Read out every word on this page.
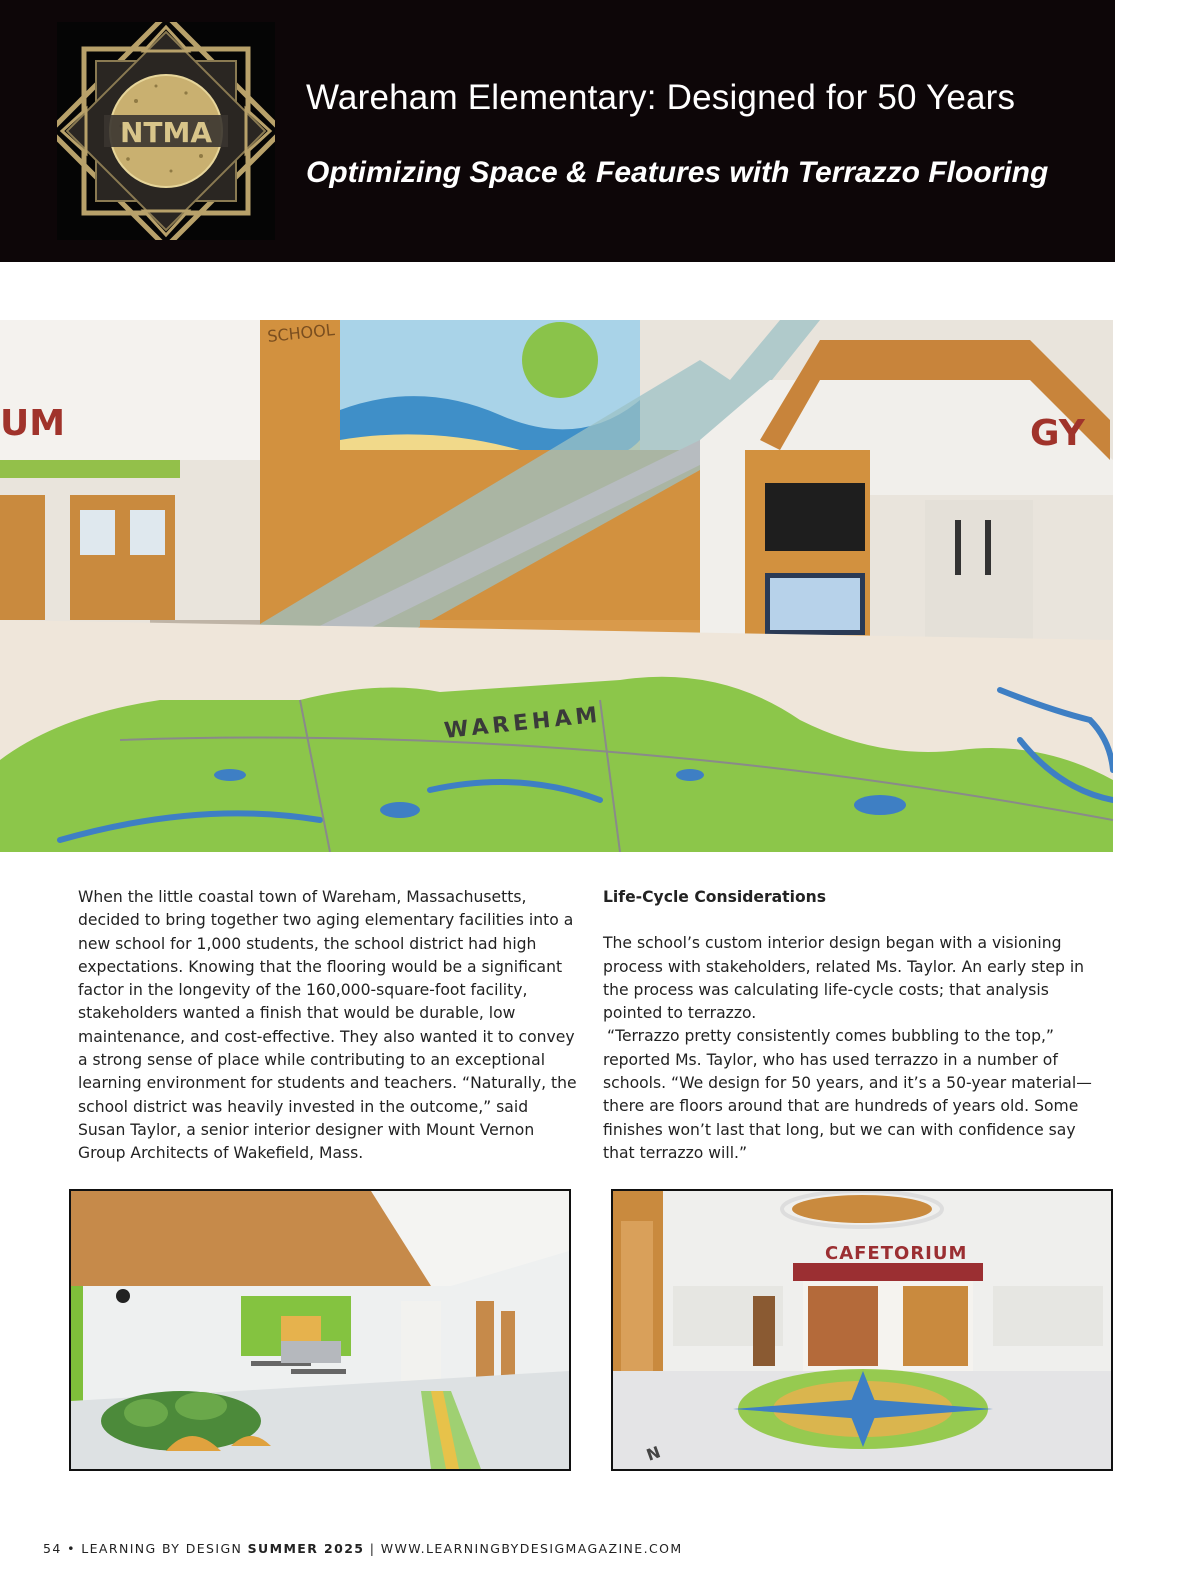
NTMA
Wareham Elementary: Designed for 50 Years
Optimizing Space & Features with Terrazzo Flooring
UM
SCHOOL
GY
WAREHAM

When the little coastal town of Wareham, Massachusetts, decided to bring together two aging elementary facilities into a new school for 1,000 students, the school district had high expectations. Knowing that the flooring would be a significant factor in the longevity of the 160,000-square-foot facility, stakeholders wanted a finish that would be durable, low maintenance, and cost-effective. They also wanted it to convey a strong sense of place while contributing to an exceptional learning environment for students and teachers. “Naturally, the school district was heavily invested in the outcome,” said Susan Taylor, a senior interior designer with Mount Vernon Group Architects of Wakefield, Mass.

Life-Cycle Considerations

The school’s custom interior design began with a visioning process with stakeholders, related Ms. Taylor. An early step in the process was calculating life-cycle costs; that analysis pointed to terrazzo.

“Terrazzo pretty consistently comes bubbling to the top,” reported Ms. Taylor, who has used terrazzo in a number of schools. “We design for 50 years, and it’s a 50-year material—there are floors around that are hundreds of years old. Some finishes won’t last that long, but we can with confidence say that terrazzo will.”

CAFETORIUM
N
54 • LEARNING BY DESIGN SUMMER 2025 | WWW.LEARNINGBYDESIGMAGAZINE.COM
